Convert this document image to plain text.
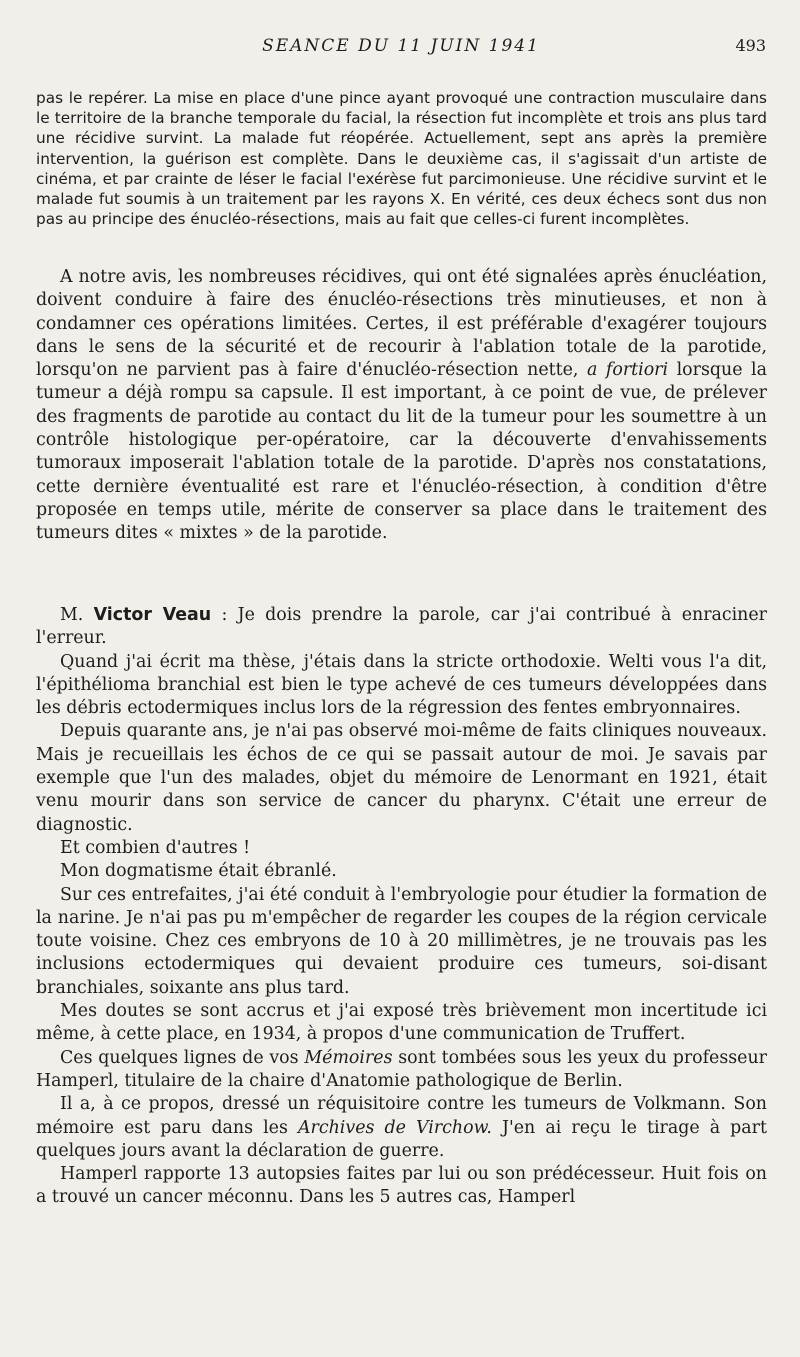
SEANCE DU 11 JUIN 1941	493

pas le repérer. La mise en place d'une pince ayant provoqué une contraction musculaire dans le territoire de la branche temporale du facial, la résection fut incomplète et trois ans plus tard une récidive survint. La malade fut réopérée. Actuellement, sept ans après la première intervention, la guérison est complète. Dans le deuxième cas, il s'agissait d'un artiste de cinéma, et par crainte de léser le facial l'exérèse fut parcimonieuse. Une récidive survint et le malade fut soumis à un traitement par les rayons X. En vérité, ces deux échecs sont dus non pas au principe des énucléo-résections, mais au fait que celles-ci furent incomplètes.

A notre avis, les nombreuses récidives, qui ont été signalées après énucléation, doivent conduire à faire des énucléo-résections très minutieuses, et non à condamner ces opérations limitées. Certes, il est préférable d'exagérer toujours dans le sens de la sécurité et de recourir à l'ablation totale de la parotide, lorsqu'on ne parvient pas à faire d'énucléo-résection nette, a fortiori lorsque la tumeur a déjà rompu sa capsule. Il est important, à ce point de vue, de prélever des fragments de parotide au contact du lit de la tumeur pour les soumettre à un contrôle histologique per-opératoire, car la découverte d'envahissements tumoraux imposerait l'ablation totale de la parotide. D'après nos constatations, cette dernière éventualité est rare et l'énucléo-résection, à condition d'être proposée en temps utile, mérite de conserver sa place dans le traitement des tumeurs dites « mixtes » de la parotide.

M. Victor Veau : Je dois prendre la parole, car j'ai contribué à enraciner l'erreur.

Quand j'ai écrit ma thèse, j'étais dans la stricte orthodoxie. Welti vous l'a dit, l'épithélioma branchial est bien le type achevé de ces tumeurs développées dans les débris ectodermiques inclus lors de la régression des fentes embryonnaires.

Depuis quarante ans, je n'ai pas observé moi-même de faits cliniques nouveaux. Mais je recueillais les échos de ce qui se passait autour de moi. Je savais par exemple que l'un des malades, objet du mémoire de Lenormant en 1921, était venu mourir dans son service de cancer du pharynx. C'était une erreur de diagnostic.

Et combien d'autres !

Mon dogmatisme était ébranlé.

Sur ces entrefaites, j'ai été conduit à l'embryologie pour étudier la formation de la narine. Je n'ai pas pu m'empêcher de regarder les coupes de la région cervicale toute voisine. Chez ces embryons de 10 à 20 millimètres, je ne trouvais pas les inclusions ectodermiques qui devaient produire ces tumeurs, soi-disant branchiales, soixante ans plus tard.

Mes doutes se sont accrus et j'ai exposé très brièvement mon incertitude ici même, à cette place, en 1934, à propos d'une communication de Truffert.

Ces quelques lignes de vos Mémoires sont tombées sous les yeux du professeur Hamperl, titulaire de la chaire d'Anatomie pathologique de Berlin.

Il a, à ce propos, dressé un réquisitoire contre les tumeurs de Volkmann. Son mémoire est paru dans les Archives de Virchow. J'en ai reçu le tirage à part quelques jours avant la déclaration de guerre.

Hamperl rapporte 13 autopsies faites par lui ou son prédécesseur. Huit fois on a trouvé un cancer méconnu. Dans les 5 autres cas, Hamperl
